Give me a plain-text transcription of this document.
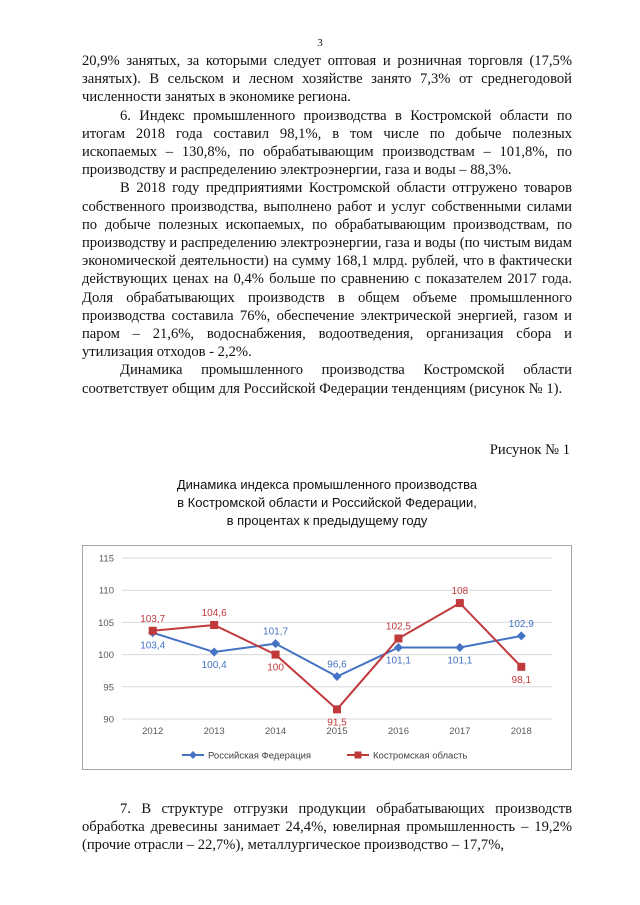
3

20,9% занятых, за которыми следует оптовая и розничная торговля (17,5% занятых). В сельском и лесном хозяйстве занято 7,3% от среднегодовой численности занятых в экономике региона.

6. Индекс промышленного производства в Костромской области по итогам 2018 года составил 98,1%, в том числе по добыче полезных ископаемых – 130,8%, по обрабатывающим производствам – 101,8%, по производству и распределению электроэнергии, газа и воды – 88,3%.

В 2018 году предприятиями Костромской области отгружено товаров собственного производства, выполнено работ и услуг собственными силами по добыче полезных ископаемых, по обрабатывающим производствам, по производству и распределению электроэнергии, газа и воды (по чистым видам экономической деятельности) на сумму 168,1 млрд. рублей, что в фактически действующих ценах на 0,4% больше по сравнению с показателем 2017 года. Доля обрабатывающих производств в общем объеме промышленного производства составила 76%, обеспечение электрической энергией, газом и паром – 21,6%, водоснабжения, водоотведения, организация сбора и утилизация отходов - 2,2%.

Динамика промышленного производства Костромской области соответствует общим для Российской Федерации тенденциям (рисунок № 1).

Рисунок № 1
Динамика индекса промышленного производства
в Костромской области и Российской Федерации,
в процентах к предыдущему году
90
95
100
105
110
115
2012	2013	2014	2015	2016	2017	2018
103,4
100,4
101,7
96,6	101,1	101,1
102,9
103,7
104,6
100
91,5
102,5
108
98,1
Российская Федерация	Костромская область

7. В структуре отгрузки продукции обрабатывающих производств обработка древесины занимает 24,4%, ювелирная промышленность – 19,2% (прочие отрасли – 22,7%), металлургическое производство – 17,7%,
